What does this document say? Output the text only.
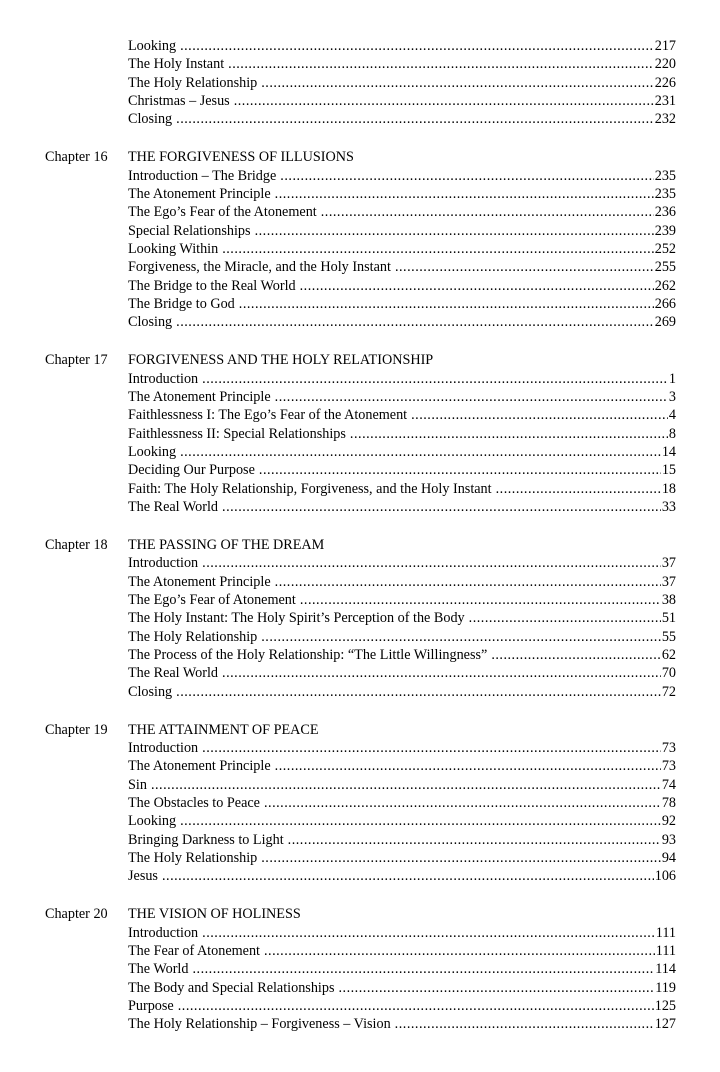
Looking .....	217
The Holy Instant .....	220
The Holy Relationship .....	226
Christmas – Jesus .....	231
Closing .....	232
Chapter 16	THE FORGIVENESS OF ILLUSIONS
Introduction – The Bridge .....	235
The Atonement Principle .....	235
The Ego’s Fear of the Atonement .....	236
Special Relationships .....	239
Looking Within .....	252
Forgiveness, the Miracle, and the Holy Instant .....	255
The Bridge to the Real World .....	262
The Bridge to God .....	266
Closing .....	269
Chapter 17	FORGIVENESS AND THE HOLY RELATIONSHIP
Introduction .....	1
The Atonement Principle .....	3
Faithlessness I: The Ego’s Fear of the Atonement .....	4
Faithlessness II: Special Relationships .....	8
Looking .....	14
Deciding Our Purpose .....	15
Faith: The Holy Relationship, Forgiveness, and the Holy Instant .....	18
The Real World .....	33
Chapter 18	THE PASSING OF THE DREAM
Introduction .....	37
The Atonement Principle .....	37
The Ego’s Fear of Atonement .....	38
The Holy Instant: The Holy Spirit’s Perception of the Body .....	51
The Holy Relationship .....	55
The Process of the Holy Relationship: “The Little Willingness” .....	62
The Real World .....	70
Closing .....	72
Chapter 19	THE ATTAINMENT OF PEACE
Introduction .....	73
The Atonement Principle .....	73
Sin .....	74
The Obstacles to Peace .....	78
Looking .....	92
Bringing Darkness to Light .....	93
The Holy Relationship .....	94
Jesus .....	106
Chapter 20	THE VISION OF HOLINESS
Introduction .....	111
The Fear of Atonement .....	111
The World .....	114
The Body and Special Relationships .....	119
Purpose .....	125
The Holy Relationship – Forgiveness – Vision .....	127
